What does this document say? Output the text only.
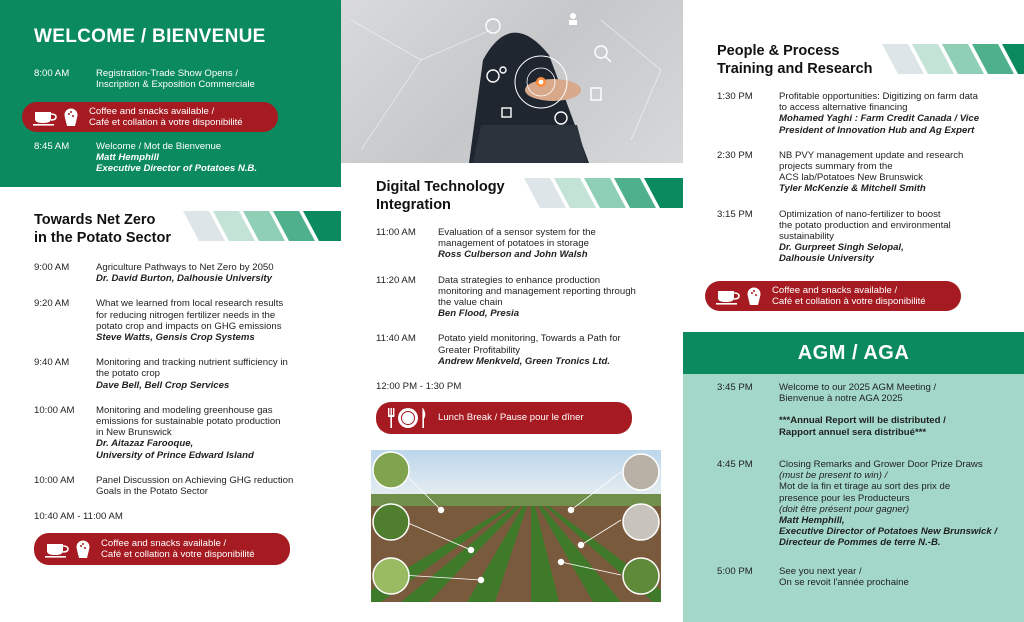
WELCOME / BIENVENUE
8:00 AM	Registration-Trade Show Opens /
Inscription & Exposition Commerciale
Coffee and snacks available /
Café et collation à votre disponibilité
8:45 AM	Welcome / Mot de Bienvenue
Matt Hemphill
Executive Director of Potatoes N.B.
Towards Net Zero
in the Potato Sector
9:00 AM	Agriculture Pathways to Net Zero by 2050
Dr. David Burton, Dalhousie University
9:20 AM	What we learned from local research results
for reducing nitrogen fertilizer needs in the
potato crop and impacts on GHG emissions
Steve Watts, Gensis Crop Systems
9:40 AM	Monitoring and tracking nutrient sufficiency in
the potato crop
Dave Bell, Bell Crop Services
10:00 AM	Monitoring and modeling greenhouse gas
emissions for sustainable potato production
in New Brunswick
Dr. Aitazaz Farooque,
University of Prince Edward Island
10:00 AM	Panel Discussion on Achieving GHG reduction
Goals in the Potato Sector
10:40 AM - 11:00 AM
Coffee and snacks available /
Café et collation à votre disponibilité
Digital Technology
Integration
11:00 AM	Evaluation of a sensor system for the
management of potatoes in storage
Ross Culberson and John Walsh
11:20 AM	Data strategies to enhance production
monitoring and management reporting through
the value chain
Ben Flood, Presia
11:40 AM	Potato yield monitoring, Towards a Path for
Greater Profitability
Andrew Menkveld, Green Tronics Ltd.
12:00 PM - 1:30 PM
Lunch Break / Pause pour le dîner
People & Process
Training and Research
1:30 PM	Profitable opportunities: Digitizing on farm data
to access alternative financing
Mohamed Yaghi : Farm Credit Canada / Vice
President of Innovation Hub and Ag Expert
2:30 PM	NB PVY management update and research
projects summary from the
ACS lab/Potatoes New Brunswick
Tyler McKenzie & Mitchell Smith
3:15 PM	Optimization of nano-fertilizer to boost
the potato production and environmental
sustainability
Dr. Gurpreet Singh Selopal,
Dalhousie University
Coffee and snacks available /
Café et collation à votre disponibilité
AGM / AGA
3:45 PM	Welcome to our 2025 AGM Meeting /
Bienvenue à notre AGA 2025
***Annual Report will be distributed /
Rapport annuel sera distribué***
4:45 PM	Closing Remarks and Grower Door Prize Draws
(must be present to win) /
Mot de la fin et tirage au sort des prix de
presence pour les Producteurs
(doit être présent pour gagner)
Matt Hemphill,
Executive Director of Potatoes New Brunswick /
Directeur de Pommes de terre N.-B.
5:00 PM	See you next year /
On se revoit l'année prochaine
